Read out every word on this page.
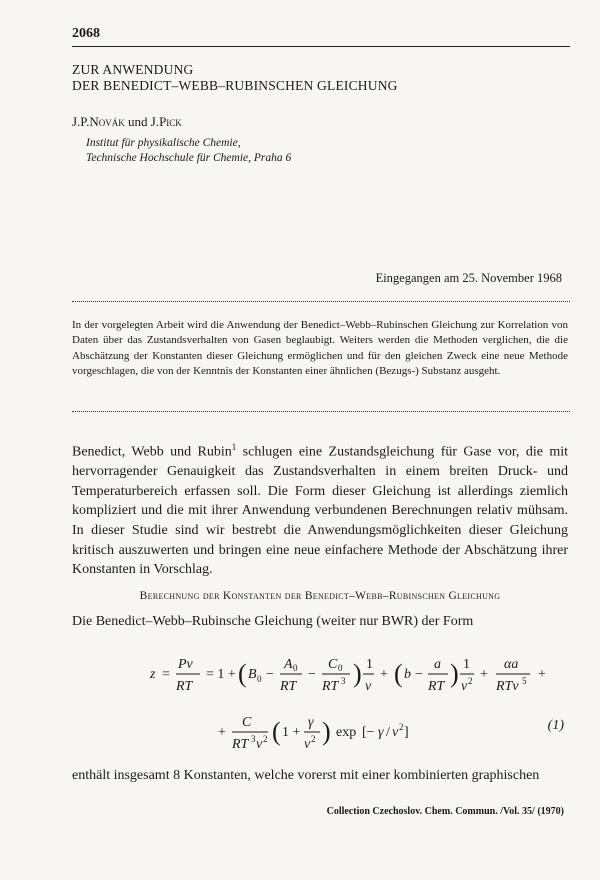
2068
ZUR ANWENDUNG
DER BENEDICT–WEBB–RUBINSCHEN GLEICHUNG
J.P.Novák und J.Pick
Institut für physikalische Chemie,
Technische Hochschule für Chemie, Praha 6
Eingegangen am 25. November 1968
In der vorgelegten Arbeit wird die Anwendung der Benedict–Webb–Rubinschen Gleichung zur Korrelation von Daten über das Zustandsverhalten von Gasen beglaubigt. Weiters werden die Methoden verglichen, die die Abschätzung der Konstanten dieser Gleichung ermöglichen und für den gleichen Zweck eine neue Methode vorgeschlagen, die von der Kenntnis der Konstanten einer ähnlichen (Bezugs-) Substanz ausgeht.
Benedict, Webb und Rubin$^1$ schlugen eine Zustandsgleichung für Gase vor, die mit hervorragender Genauigkeit das Zustandsverhalten in einem breiten Druck- und Temperaturbereich erfassen soll. Die Form dieser Gleichung ist allerdings ziemlich kompliziert und die mit ihrer Anwendung verbundenen Berechnungen relativ mühsam. In dieser Studie sind wir bestrebt die Anwendungsmöglichkeiten dieser Gleichung kritisch auszuwerten und bringen eine neue einfachere Methode der Abschätzung ihrer Konstanten in Vorschlag.
Berechnung der Konstanten der Benedict–Webb–Rubinschen Gleichung
Die Benedict–Webb–Rubinsche Gleichung (weiter nur BWR) der Form
z =
Pv
RT
= 1 + ( B 0 −
A 0
RT
−
C 0
RT 3 ) 1
v
+ ( b −
a
RT ) 1
v 2 +
αa
RTv 5 +
+
C
RT 3 v 2 ( 1 +
γ
v 2 ) exp [− γ / v 2 ]	(1)
enthält insgesamt 8 Konstanten, welche vorerst mit einer kombinierten graphischen
Collection Czechoslov. Chem. Commun. /Vol. 35/ (1970)
